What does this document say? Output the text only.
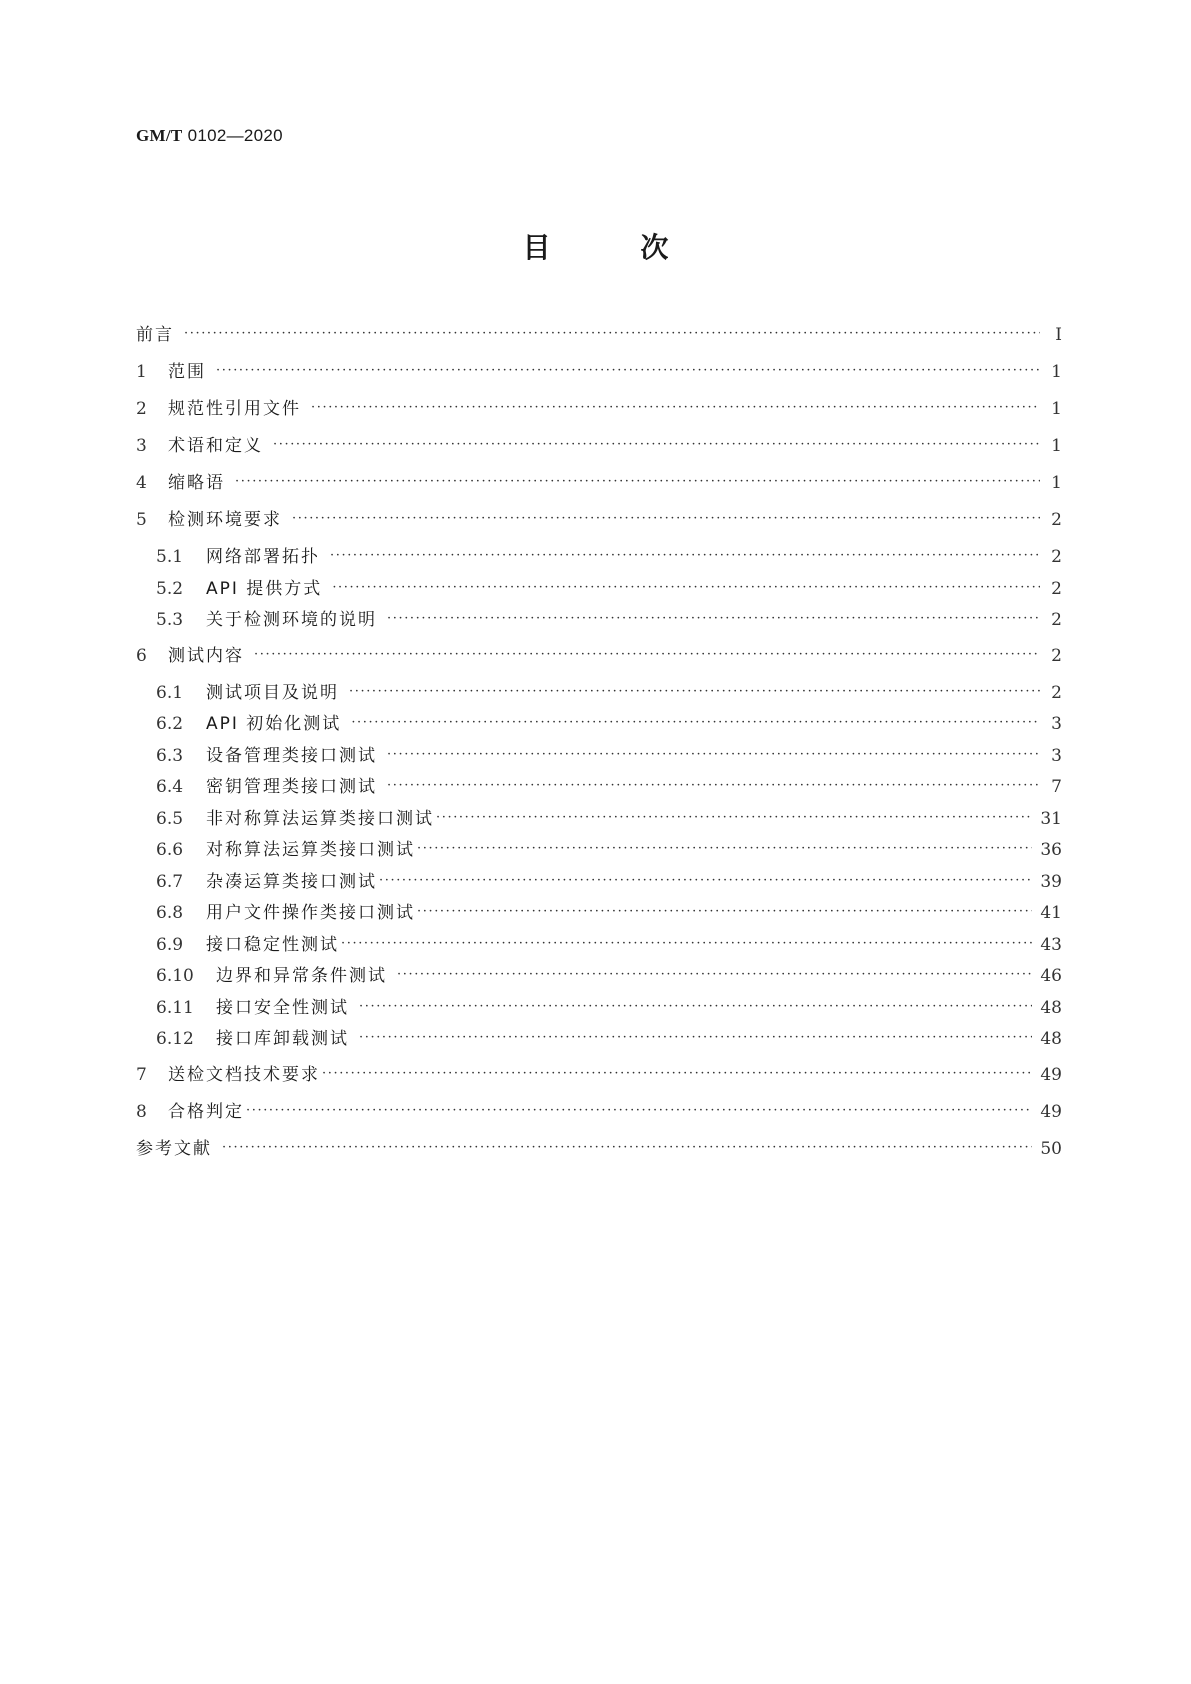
GM/T 0102—2020
目 次
前言 ·····	Ⅰ
1	范围 ·····	1
2	规范性引用文件 ·····	1
3	术语和定义 ·····	1
4	缩略语 ·····	1
5	检测环境要求 ·····	2
5.1	网络部署拓扑 ·····	2
5.2	API 提供方式 ·····	2
5.3	关于检测环境的说明 ·····	2
6	测试内容 ·····	2
6.1	测试项目及说明 ·····	2
6.2	API 初始化测试 ·····	3
6.3	设备管理类接口测试 ·····	3
6.4	密钥管理类接口测试 ·····	7
6.5	非对称算法运算类接口测试 ·····	31
6.6	对称算法运算类接口测试 ·····	36
6.7	杂凑运算类接口测试 ·····	39
6.8	用户文件操作类接口测试 ·····	41
6.9	接口稳定性测试 ·····	43
6.10	边界和异常条件测试 ·····	46
6.11	接口安全性测试 ·····	48
6.12	接口库卸载测试 ·····	48
7	送检文档技术要求 ·····	49
8	合格判定 ·····	49
参考文献 ·····	50
